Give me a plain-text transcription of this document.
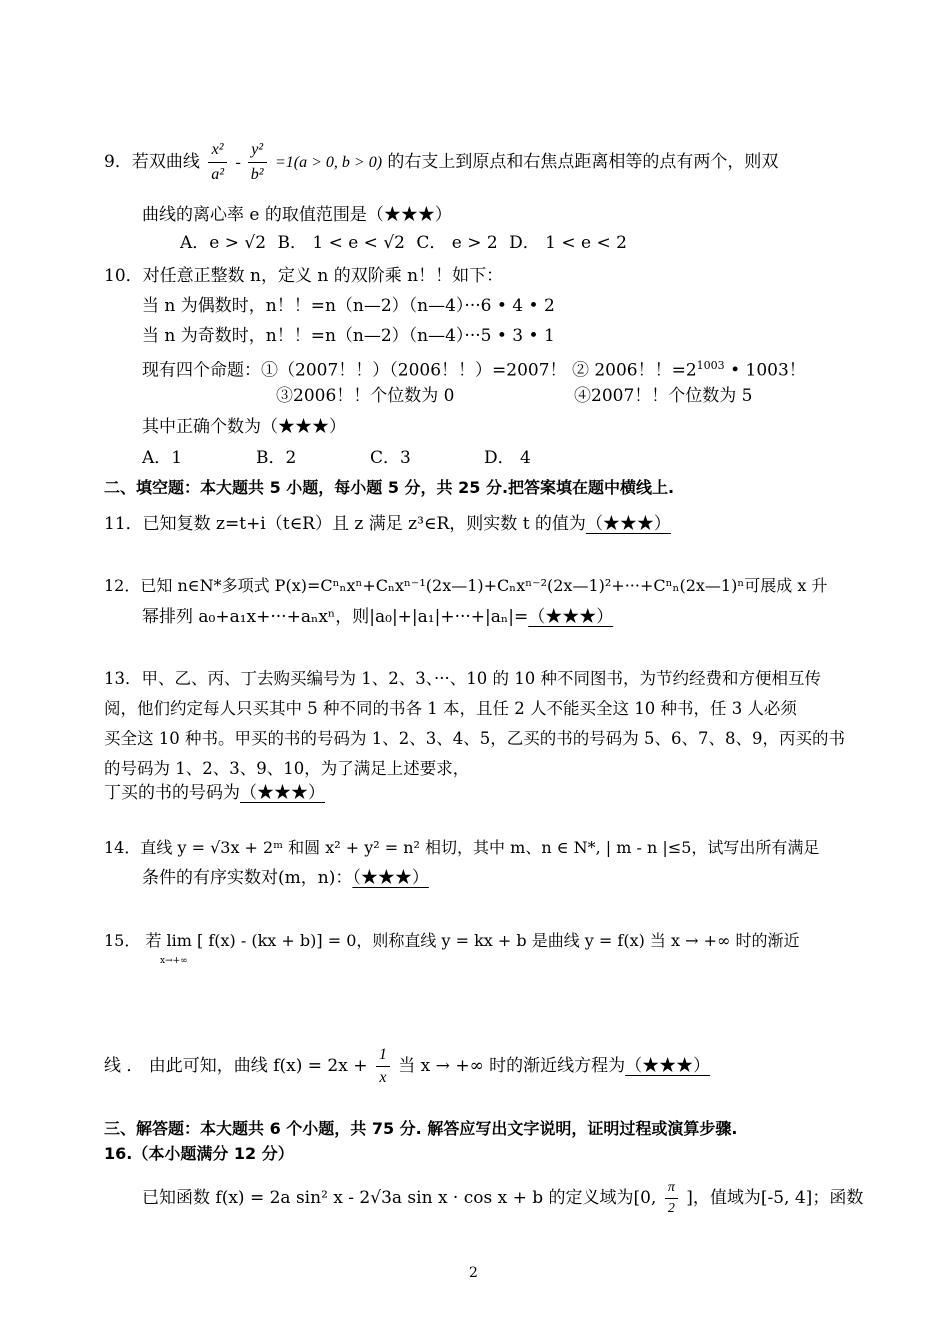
9．若双曲线 $\frac{\text{x²}}{\text{a²}} - \frac{\text{y²}}{\text{b²}} =1(a > 0$, b > 0) 的右支上到原点和右焦点距离相等的点有两个，则双
曲线的离心率 e 的取值范围是（★★★）
A．e > √2 B． 1 < e < √2 C． e > 2 D． 1 < e < 2
10．对任意正整数 n，定义 n 的双阶乘 n！！如下：
当 n 为偶数时，n！！=n（n—2）（n—4）···6 • 4 • 2
当 n 为奇数时，n！！=n（n—2）（n—4）···5 • 3 • 1
现有四个命题：①（2007！！）（2006！！）=2007！ ② 2006！！$=2^{1003}$ • 1003！
③2006！！个位数为 0	④2007！！个位数为 5
其中正确个数为（★★★）
A．1	B．2	C．3	D． 4
二、填空题：本大题共 5 小题，每小题 5 分，共 25 分.把答案填在题中横线上.
11．已知复数 z=t+i（t∈R）且 z 满足 z³∈R，则实数 t 的值为（★★★）
12．已知 n∈N*多项式 P(x)=Cⁿₙxⁿ+Cₙxⁿ⁻¹(2x—1)+Cₙxⁿ⁻²(2x—1)²+···+Cⁿₙ(2x—1)ⁿ可展成 x 升
幂排列 a₀+a₁x+···+aₙxⁿ，则|a₀|+|a₁|+···+|aₙ|=（★★★）
13．甲、乙、丙、丁去购买编号为 1、2、3、···、10 的 10 种不同图书，为节约经费和方便相互传
阅，他们约定每人只买其中 5 种不同的书各 1 本，且任 2 人不能买全这 10 种书，任 3 人必须
买全这 10 种书。甲买的书的号码为 1、2、3、4、5，乙买的书的号码为 5、6、7、8、9，丙买的书
的号码为 1、2、3、9、10，为了满足上述要求，
丁买的书的号码为（★★★）
14．直线 y = √3x + 2ᵐ 和圆 x² + y² = n² 相切，其中 m、n ∈ N*, | m - n |≤5，试写出所有满足
条件的有序实数对(m，n)：（★★★）
15． 若 lim [ f(x) - (kx + b)] = 0，则称直线 y = kx + b 是曲线 y = f(x) 当 x → +∞ 时的渐近
x→+∞
线 ． 由此可知，曲线 $f(x) = 2x + \frac{1}{x}$ 当 x → +∞ 时的渐近线方程为（★★★）
三、解答题：本大题共 6 个小题，共 75 分. 解答应写出文字说明，证明过程或演算步骤.
16.（本小题满分 12 分）
已知函数 f(x) = 2a sin² x - 2√3a sin x · cos x + b 的定义域为[0, $\frac{\pi}{2}$ ]，值域为[-5, 4]；函数
2
